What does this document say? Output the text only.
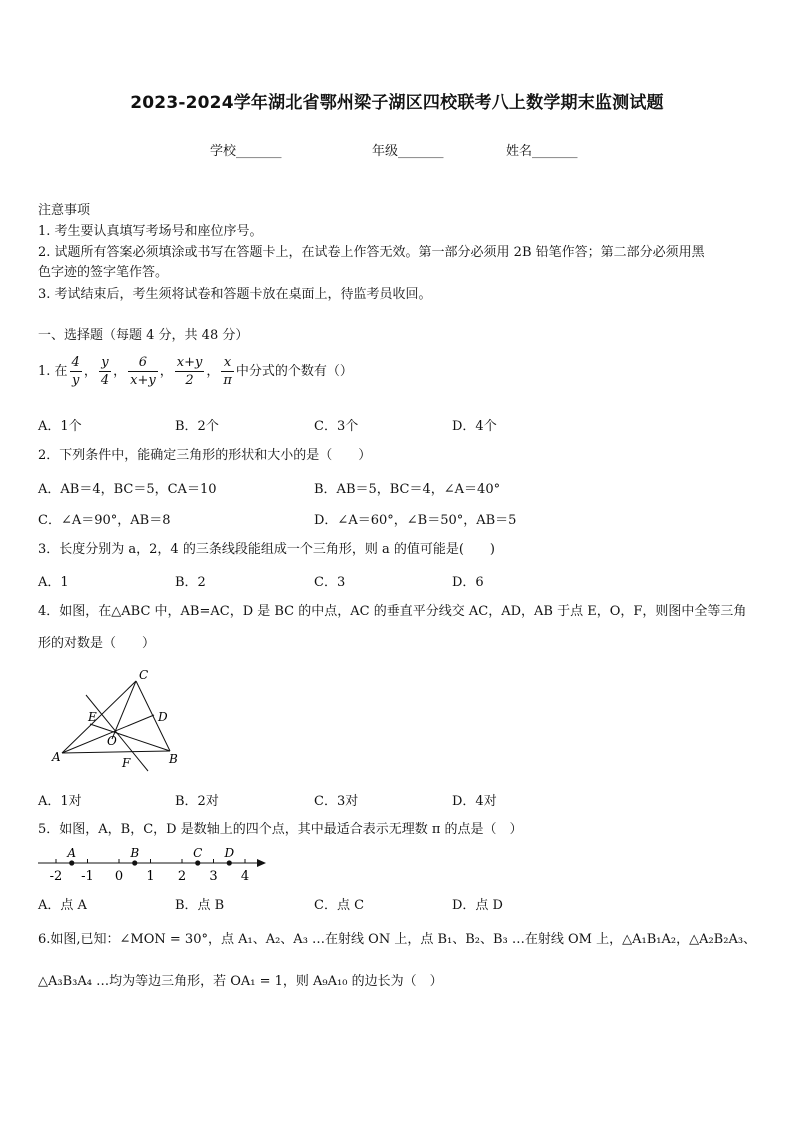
2023-2024学年湖北省鄂州梁子湖区四校联考八上数学期末监测试题
学校_______	年级_______	姓名_______
注意事项
1. 考生要认真填写考场号和座位序号。
2. 试题所有答案必须填涂或书写在答题卡上，在试卷上作答无效。第一部分必须用 2B 铅笔作答；第二部分必须用黑
色字迹的签字笔作答。
3. 考试结束后，考生须将试卷和答题卡放在桌面上，待监考员收回。
一、选择题（每题 4 分，共 48 分）
1. 在 $\frac{4}{y}$ ， $\frac{y}{4}$ ， $\frac{6}{x+y}$ ， $\frac{x+y}{2}$ ， $\frac{x}{\pi}$ 中分式的个数有（）
A．1个	B．2个	C．3个	D．4个
2．下列条件中，能确定三角形的形状和大小的是（　　）
A．AB＝4，BC＝5，CA＝10	B．AB＝5，BC＝4，∠A＝40°
C．∠A＝90°，AB＝8	D．∠A＝60°，∠B＝50°，AB＝5
3．长度分别为 a，2，4 的三条线段能组成一个三角形，则 a 的值可能是(　　)
A．1	B．2	C．3	D．6
4．如图，在△ABC 中，AB=AC，D 是 BC 的中点，AC 的垂直平分线交 AC，AD，AB 于点 E，O，F，则图中全等三角
形的对数是（　　）
C
D
E
O
A	F	B
A．1对	B．2对	C．3对	D．4对
5．如图，A，B，C，D 是数轴上的四个点，其中最适合表示无理数 π 的点是（　）
-2 -1 0 1 2 3 4
A	B	C D
A．点 A	B．点 B	C．点 C	D．点 D
6.如图,已知：∠MON = 30°，点 A₁、A₂、A₃ …在射线 ON 上，点 B₁、B₂、B₃ …在射线 OM 上，△A₁B₁A₂，△A₂B₂A₃、
△A₃B₃A₄ …均为等边三角形，若 OA₁ = 1，则 A₉A₁₀ 的边长为（　）
